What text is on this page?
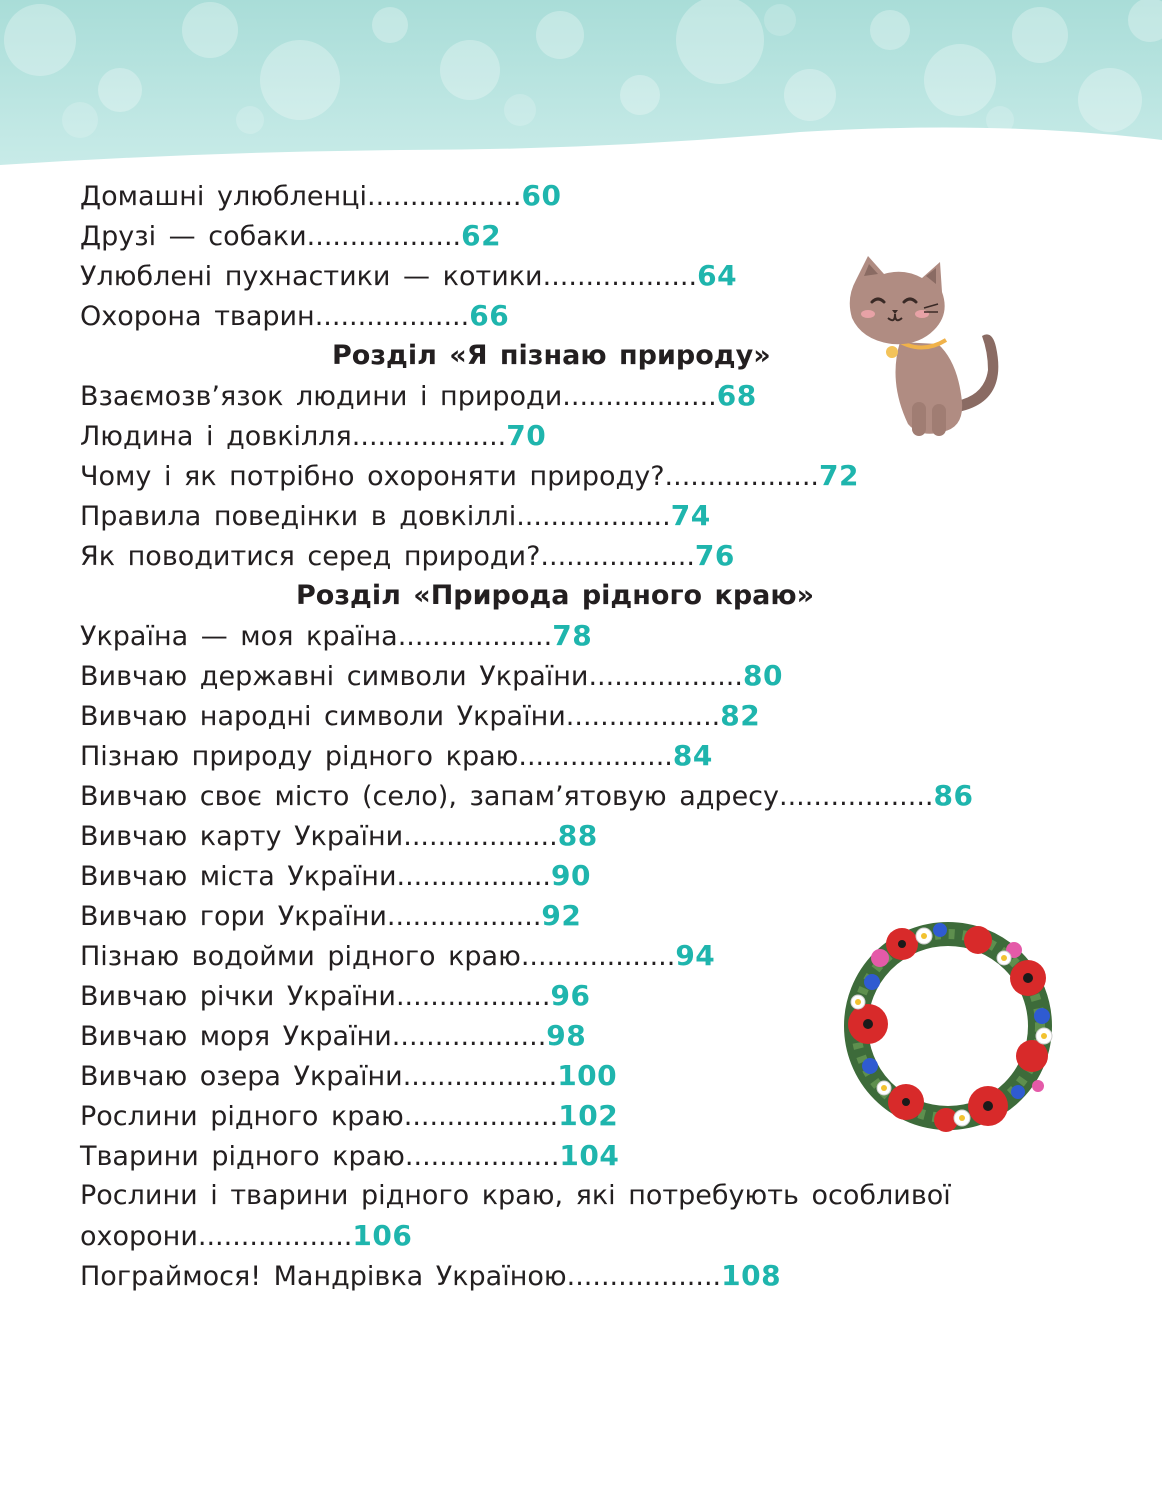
Домашні улюбленці..................60
Друзі — собаки..................62
Улюблені пухнастики — котики..................64
Охорона тварин..................66
Розділ «Я пізнаю природу»
Взаємозв’язок людини і природи..................68
Людина і довкілля..................70
Чому і як потрібно охороняти природу?..................72
Правила поведінки в довкіллі..................74
Як поводитися серед природи?..................76
Розділ «Природа рідного краю»
Україна — моя країна..................78
Вивчаю державні символи України..................80
Вивчаю народні символи України..................82
Пізнаю природу рідного краю..................84
Вивчаю своє місто (село), запам’ятовую адресу..................86
Вивчаю карту України..................88
Вивчаю міста України..................90
Вивчаю гори України..................92
Пізнаю водойми рідного краю..................94
Вивчаю річки України..................96
Вивчаю моря України..................98
Вивчаю озера України..................100
Рослини рідного краю..................102
Тварини рідного краю..................104
Рослини і тварини рідного краю, які потребують особливої
охорони..................106
Пограймося! Мандрівка Україною..................108
